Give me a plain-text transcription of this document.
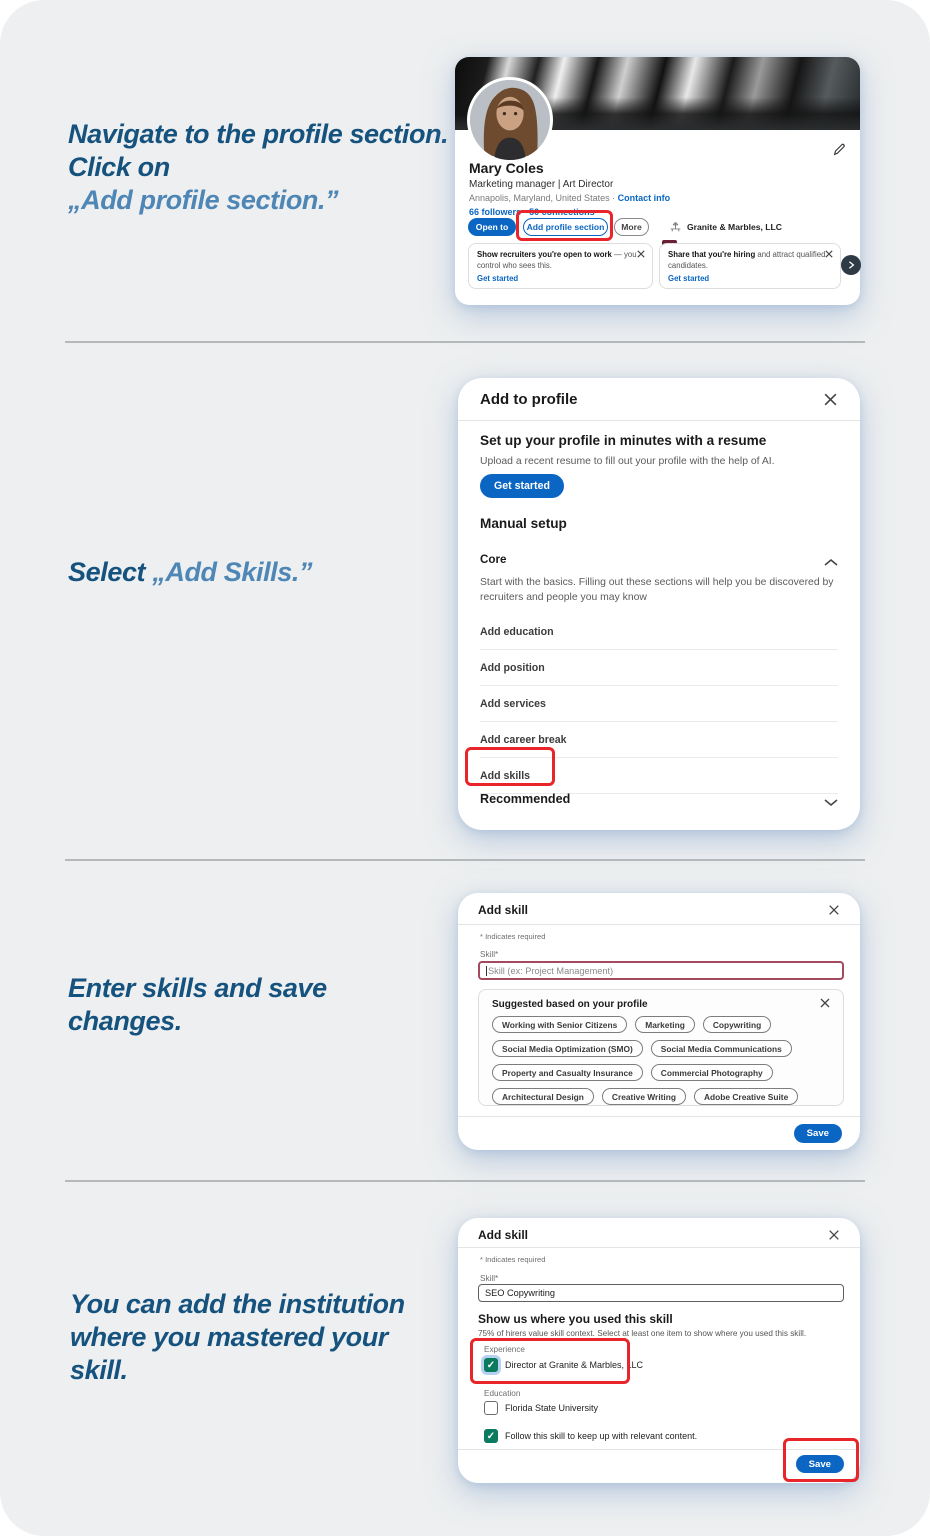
Navigate to the profile section. Click on
„Add profile section.”
Select „Add Skills.”
Enter skills and save changes.
You can add the institution where you mastered your skill.
Mary Coles
Marketing manager | Art Director
Annapolis, Maryland, United States · Contact info
66 followers · 50 connections
Granite & Marbles, LLC
Open to	Add profile section	More
Show recruiters you're open to work — you control who sees this.
Get started
Share that you're hiring and attract qualified candidates.
Get started
Add to profile
Set up your profile in minutes with a resume
Upload a recent resume to fill out your profile with the help of AI.
Get started
Manual setup
Core
Start with the basics. Filling out these sections will help you be discovered by recruiters and people you may know
Add education
Add position
Add services
Add career break
Add skills
Recommended
Add skill
* Indicates required
Skill*
Skill (ex: Project Management)
Suggested based on your profile
Working with Senior Citizens	Marketing	Copywriting
Social Media Optimization (SMO)	Social Media Communications
Property and Casualty Insurance	Commercial Photography
Architectural Design	Creative Writing	Adobe Creative Suite
Save
Add skill
* Indicates required
Skill*
SEO Copywriting
Show us where you used this skill
75% of hirers value skill context. Select at least one item to show where you used this skill.
Experience
✓	Director at Granite & Marbles, LLC
Education
Florida State University
✓	Follow this skill to keep up with relevant content.
Save
